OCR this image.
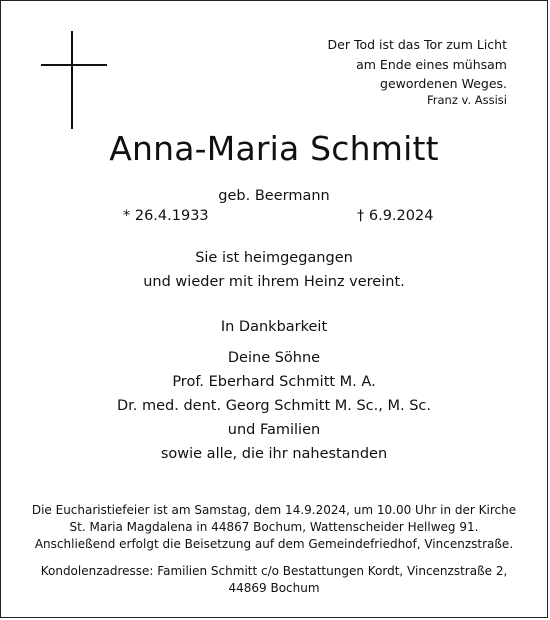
Der Tod ist das Tor zum Licht
am Ende eines mühsam
gewordenen Weges.
Franz v. Assisi
Anna-Maria Schmitt
geb. Beermann
* 26.4.1933	† 6.9.2024
Sie ist heimgegangen
und wieder mit ihrem Heinz vereint.
In Dankbarkeit
Deine Söhne
Prof. Eberhard Schmitt M. A.
Dr. med. dent. Georg Schmitt M. Sc., M. Sc.
und Familien
sowie alle, die ihr nahestanden
Die Eucharistiefeier ist am Samstag, dem 14.9.2024, um 10.00 Uhr in der Kirche
St. Maria Magdalena in 44867 Bochum, Wattenscheider Hellweg 91.
Anschließend erfolgt die Beisetzung auf dem Gemeindefriedhof, Vincenzstraße.
Kondolenzadresse: Familien Schmitt c/o Bestattungen Kordt, Vincenzstraße 2,
44869 Bochum
